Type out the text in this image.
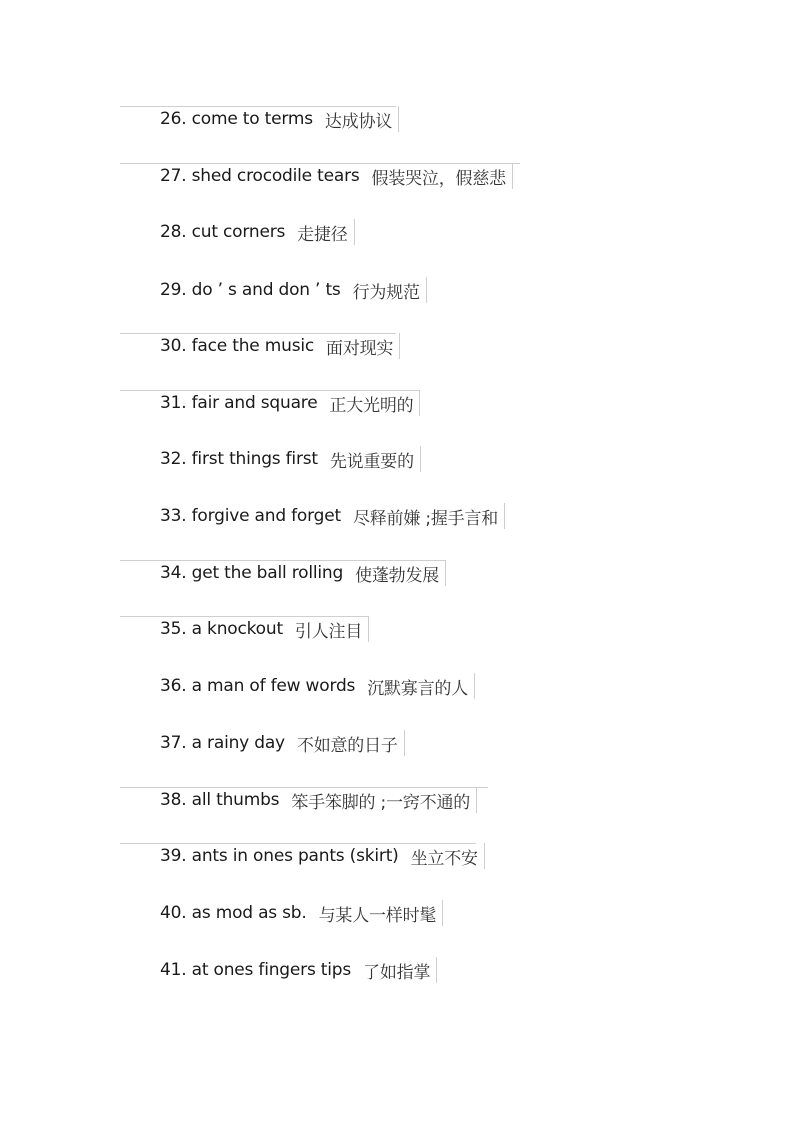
26. come to terms 达成协议
27. shed crocodile tears 假装哭泣，假慈悲
28. cut corners 走捷径
29. do ’ s and don ’ ts 行为规范
30. face the music 面对现实
31. fair and square 正大光明的
32. first things first 先说重要的
33. forgive and forget 尽释前嫌 ;握手言和
34. get the ball rolling 使蓬勃发展
35. a knockout 引人注目
36. a man of few words 沉默寡言的人
37. a rainy day 不如意的日子
38. all thumbs 笨手笨脚的 ;一窍不通的
39. ants in ones pants (skirt) 坐立不安
40. as mod as sb. 与某人一样时髦
41. at ones fingers tips 了如指掌
